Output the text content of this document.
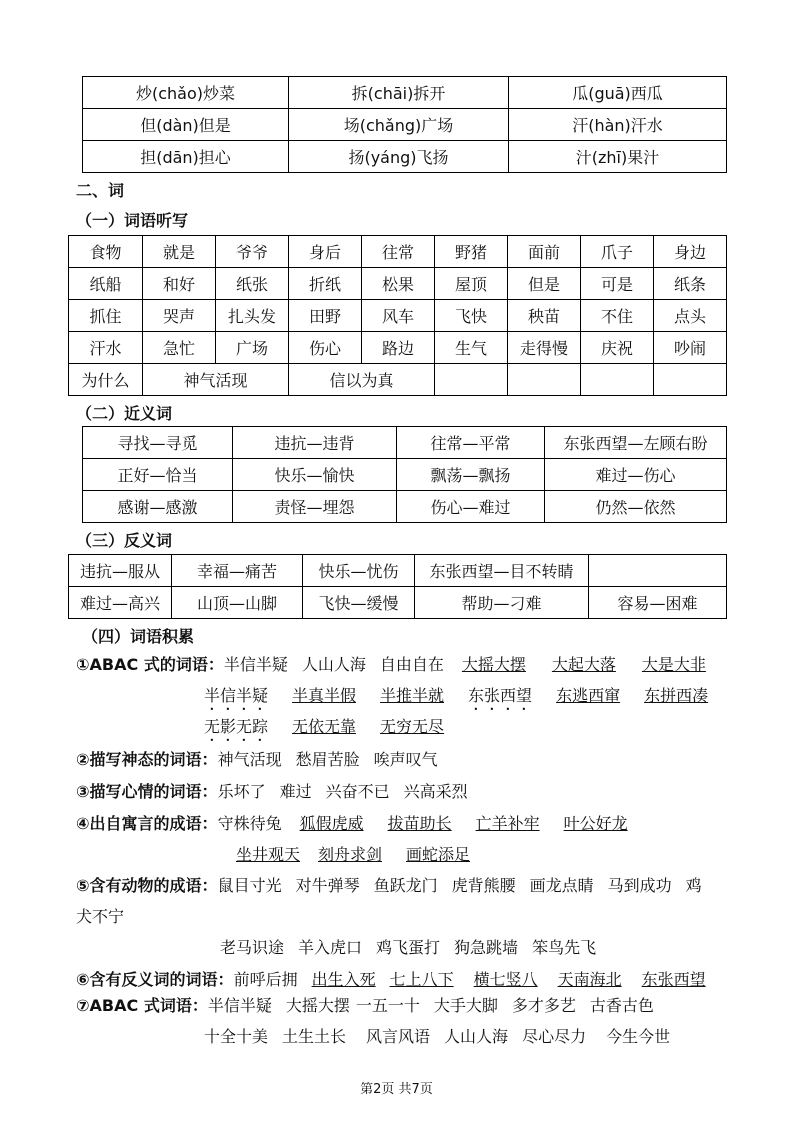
炒(chǎo)炒菜	拆(chāi)拆开	瓜(guā)西瓜
但(dàn)但是	场(chǎng)广场	汗(hàn)汗水
担(dān)担心	扬(yáng)飞扬	汁(zhī)果汁
二、词
（一）词语听写
食物	就是	爷爷	身后	往常	野猪	面前	爪子	身边
纸船	和好	纸张	折纸	松果	屋顶	但是	可是	纸条
抓住	哭声	扎头发	田野	风车	飞快	秧苗	不住	点头
汗水	急忙	广场	伤心	路边	生气	走得慢	庆祝	吵闹
为什么	神气活现		信以为真					
（二）近义词
寻找—寻觅	违抗—违背	往常—平常	东张西望—左顾右盼
正好—恰当	快乐—愉快	飘荡—飘扬	难过—伤心
感谢—感激	责怪—埋怨	伤心—难过	仍然—依然
（三）反义词
违抗—服从	幸福—痛苦	快乐—忧伤	东张西望—目不转睛	
难过—高兴	山顶—山脚	飞快—缓慢	帮助—刁难	容易—困难
（四）词语积累
①ABAC 式的词语：半信半疑 人山人海 自由自在 大摇大摆 大起大落 大是大非
半信半疑 半真半假 半推半就 东张西望 东逃西窜 东拼西凑
无影无踪 无依无靠 无穷无尽
②描写神态的词语：神气活现 愁眉苦脸 唉声叹气
③描写心情的词语：乐坏了 难过 兴奋不已 兴高采烈
④出自寓言的成语：守株待兔 狐假虎威 拔苗助长 亡羊补牢 叶公好龙
坐井观天 刻舟求剑 画蛇添足
⑤含有动物的成语：鼠目寸光 对牛弹琴 鱼跃龙门 虎背熊腰 画龙点睛 马到成功 鸡
犬不宁
老马识途 羊入虎口 鸡飞蛋打 狗急跳墙 笨鸟先飞
⑥含有反义词的词语：前呼后拥 出生入死 七上八下 横七竖八 天南海北 东张西望
⑦ABAC 式词语：半信半疑 大摇大摆 一五一十 大手大脚 多才多艺 古香古色
十全十美 土生土长 风言风语 人山人海 尽心尽力 今生今世
第2页 共7页
